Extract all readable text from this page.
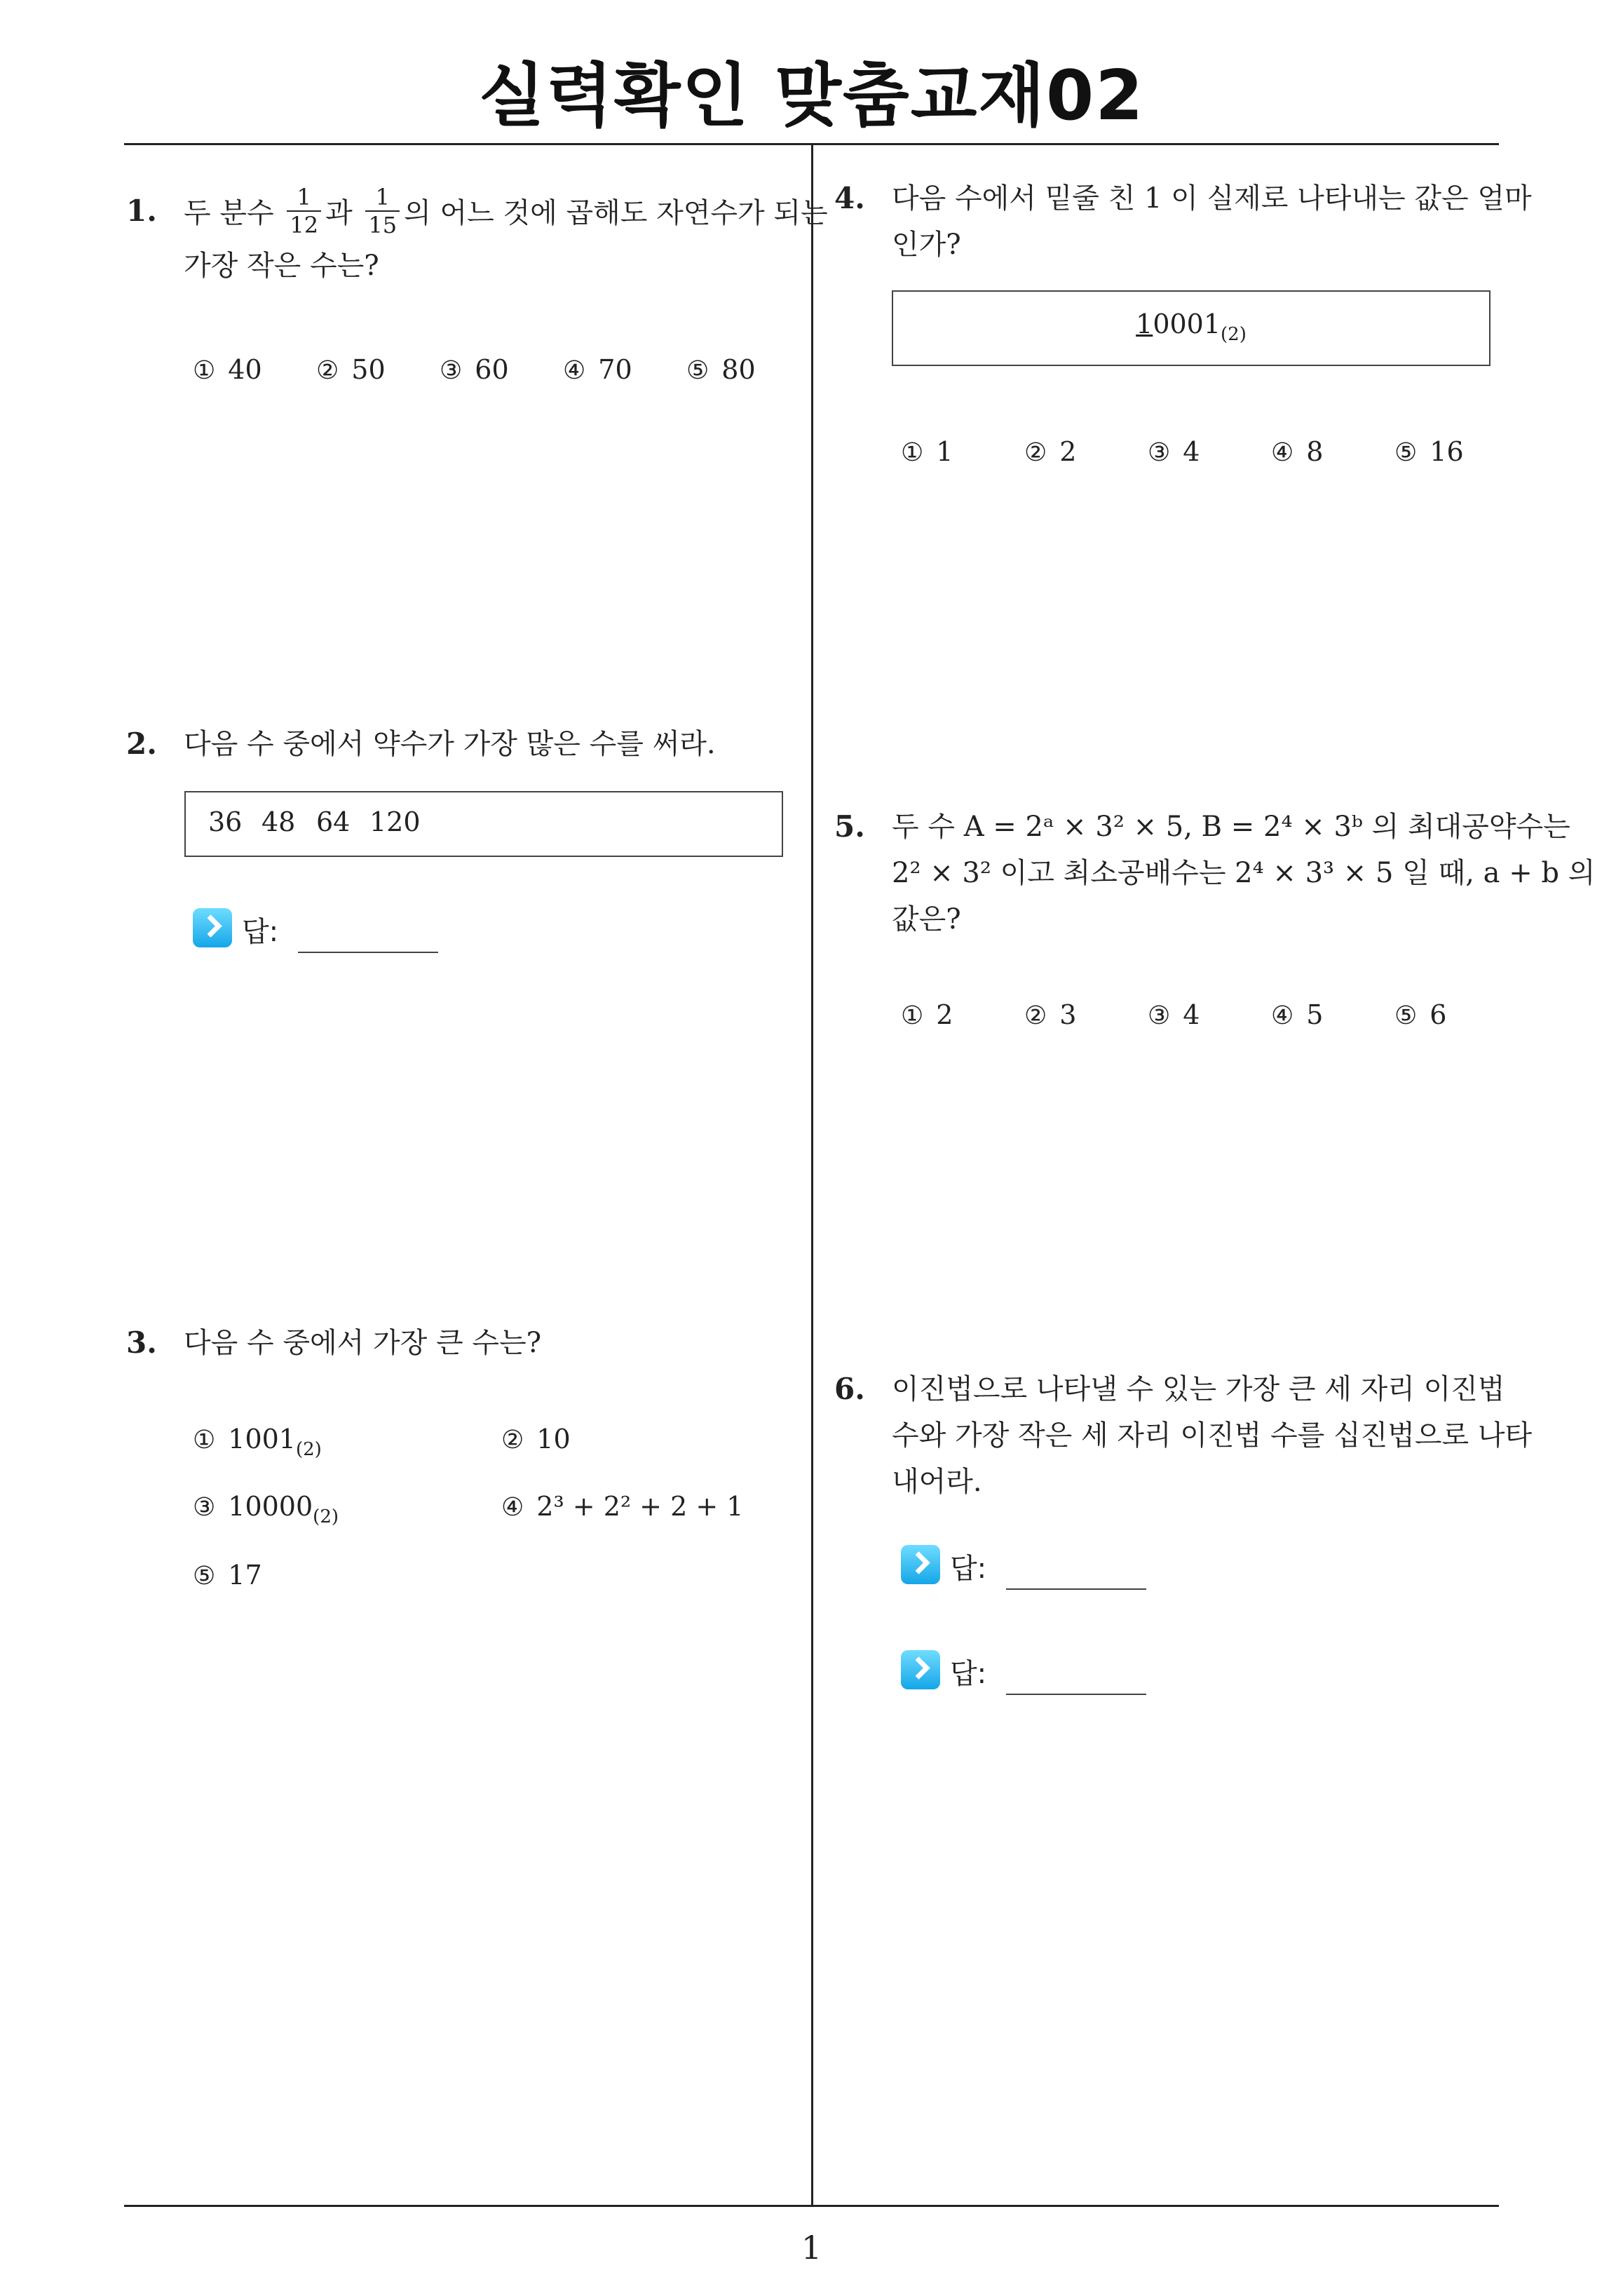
실력확인 맞춤교재02
1. 두 분수 $\frac{1}{12}$ 과 $\frac{1}{15}$ 의 어느 것에 곱해도 자연수가 되는
가장 작은 수는?
① 40 ② 50 ③ 60 ④ 70 ⑤ 80
2. 다음 수 중에서 약수가 가장 많은 수를 써라.
36 48 64 120
답:
3. 다음 수 중에서 가장 큰 수는?
① $1001_{(2)}$	② 10
③ $10000_{(2)}$	④ 2³ + 2² + 2 + 1
⑤ 17
4. 다음 수에서 밑줄 친 1 이 실제로 나타내는 값은 얼마
인가?
$10001_{(2)}$
① 1	② 2	③ 4	④ 8	⑤ 16
5. 두 수 A = 2ᵃ × 3² × 5, B = 2⁴ × 3ᵇ 의 최대공약수는
2² × 3² 이고 최소공배수는 2⁴ × 3³ × 5 일 때, a + b 의
값은?
① 2	② 3	③ 4	④ 5	⑤ 6
6. 이진법으로 나타낼 수 있는 가장 큰 세 자리 이진법
수와 가장 작은 세 자리 이진법 수를 십진법으로 나타
내어라.
답:
답:
1
